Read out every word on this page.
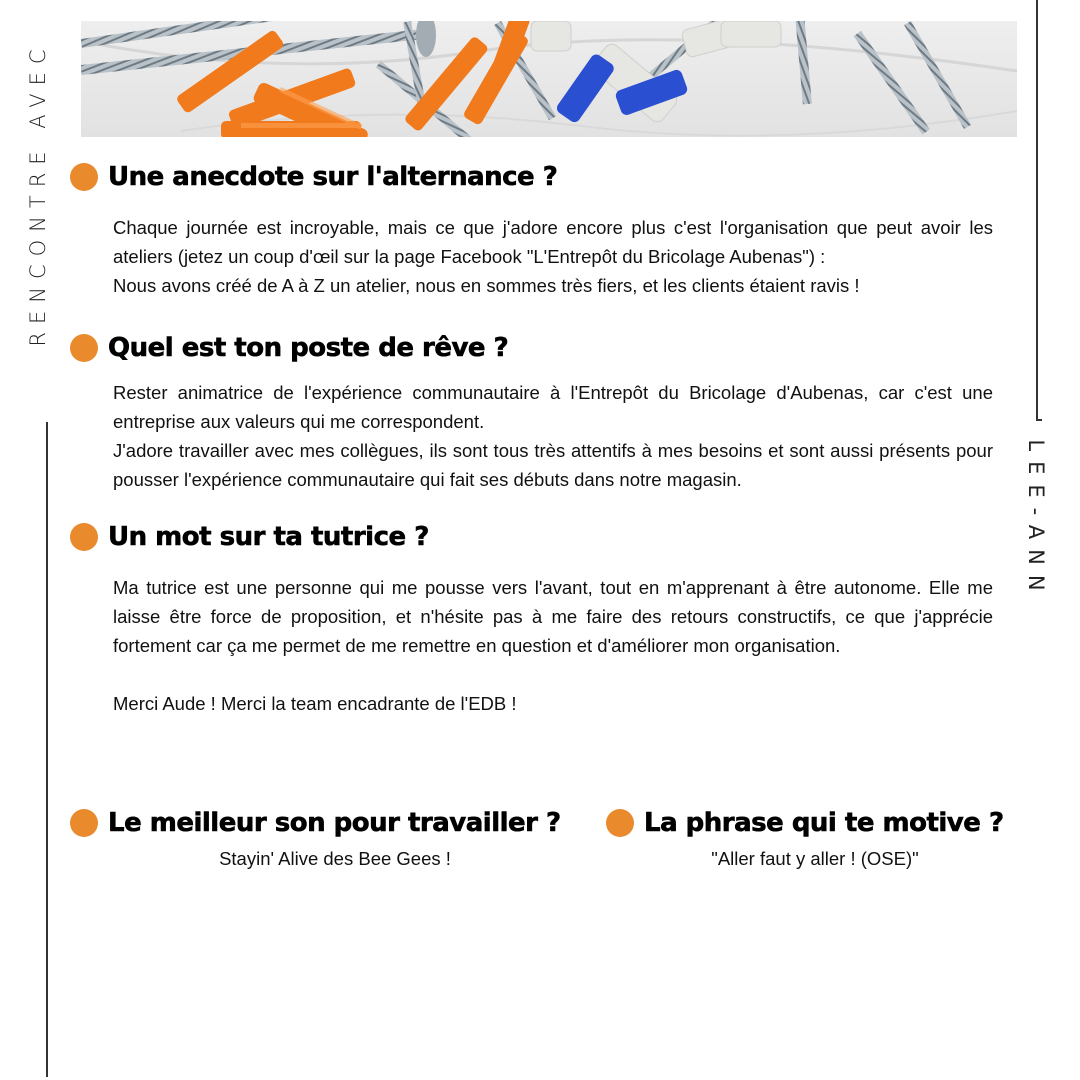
RENCONTRE AVEC
LEE-ANN
Une anecdote sur l'alternance ?

Chaque journée est incroyable, mais ce que j'adore encore plus c'est l'organisation que peut avoir les ateliers (jetez un coup d'œil sur la page Facebook "L'Entrepôt du Bricolage Aubenas") :

Nous avons créé de A à Z un atelier, nous en sommes très fiers, et les clients étaient ravis !

Quel est ton poste de rêve ?

Rester animatrice de l'expérience communautaire à l'Entrepôt du Bricolage d'Aubenas, car c'est une entreprise aux valeurs qui me correspondent.

J'adore travailler avec mes collègues, ils sont tous très attentifs à mes besoins et sont aussi présents pour pousser l'expérience communautaire qui fait ses débuts dans notre magasin.

Un mot sur ta tutrice ?

Ma tutrice est une personne qui me pousse vers l'avant, tout en m'apprenant à être autonome. Elle me laisse être force de proposition, et n'hésite pas à me faire des retours constructifs, ce que j'apprécie fortement car ça me permet de me remettre en question et d'améliorer mon organisation.

Merci Aude ! Merci la team encadrante de l'EDB !

Le meilleur son pour travailler ?
Stayin' Alive des Bee Gees !
La phrase qui te motive ?
"Aller faut y aller ! (OSE)"
